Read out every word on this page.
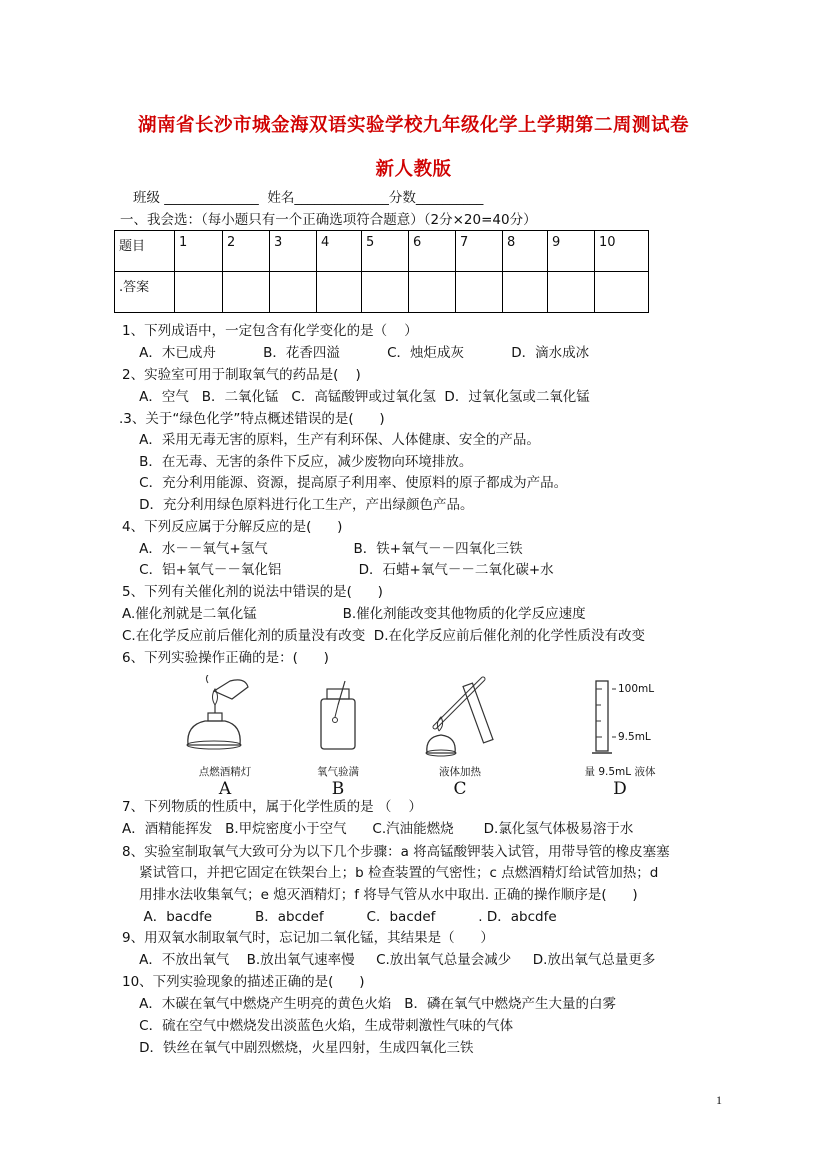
湖南省长沙市城金海双语实验学校九年级化学上学期第二周测试卷
新人教版
班级 ______________  姓名______________分数__________
一、我会选：（每小题只有一个正确选项符合题意）（2分×20=40分）
题目	1	2	3	4	5	6	7	8	9	10
.答案										
1、下列成语中，一定包含有化学变化的是（    ）
A．木已成舟           B．花香四溢           C．烛炬成灰           D．滴水成冰
2、实验室可用于制取氧气的药品是(    )
A．空气   B．二氧化锰   C．高锰酸钾或过氧化氢  D．过氧化氢或二氧化锰
.3、关于“绿色化学”特点概述错误的是(      )
A．采用无毒无害的原料，生产有利环保、人体健康、安全的产品。
B．在无毒、无害的条件下反应，减少废物向环境排放。
C．充分利用能源、资源，提高原子利用率、使原料的原子都成为产品。
D．充分利用绿色原料进行化工生产，产出绿颜色产品。
4、下列反应属于分解反应的是(      )
A．水－－氧气+氢气                    B．铁+氧气－－四氧化三铁
C．铝+氧气－－氧化铝                  D．石蜡+氧气－－二氧化碳+水
5、下列有关催化剂的说法中错误的是(      )
A.催化剂就是二氧化锰                    B.催化剂能改变其他物质的化学反应速度
C.在化学反应前后催化剂的质量没有改变  D.在化学反应前后催化剂的化学性质没有改变
6、下列实验操作正确的是：(      )
点燃酒精灯
A
氧气验满
B
液体加热
C
100mL
9.5mL
量 9.5mL 液体
D
7、下列物质的性质中，属于化学性质的是 （    ）
A．酒精能挥发   B.甲烷密度小于空气      C.汽油能燃烧       D.氯化氢气体极易溶于水
8、实验室制取氧气大致可分为以下几个步骤：a 将高锰酸钾装入试管，用带导管的橡皮塞塞
紧试管口，并把它固定在铁架台上；b 检查装置的气密性；c 点燃酒精灯给试管加热；d
用排水法收集氧气；e 熄灭酒精灯；f 将导气管从水中取出. 正确的操作顺序是(      )
A．bacdfe          B．abcdef          C．bacdef          . D．abcdfe
9、用双氧水制取氧气时，忘记加二氧化锰，其结果是（      ）
A．不放出氧气    B.放出氧气速率慢     C.放出氧气总量会减少     D.放出氧气总量更多
10、下列实验现象的描述正确的是(      )
A．木碳在氧气中燃烧产生明亮的黄色火焰   B．磷在氧气中燃烧产生大量的白雾
C．硫在空气中燃烧发出淡蓝色火焰，生成带刺激性气味的气体
D．铁丝在氧气中剧烈燃烧，火星四射，生成四氧化三铁
1
